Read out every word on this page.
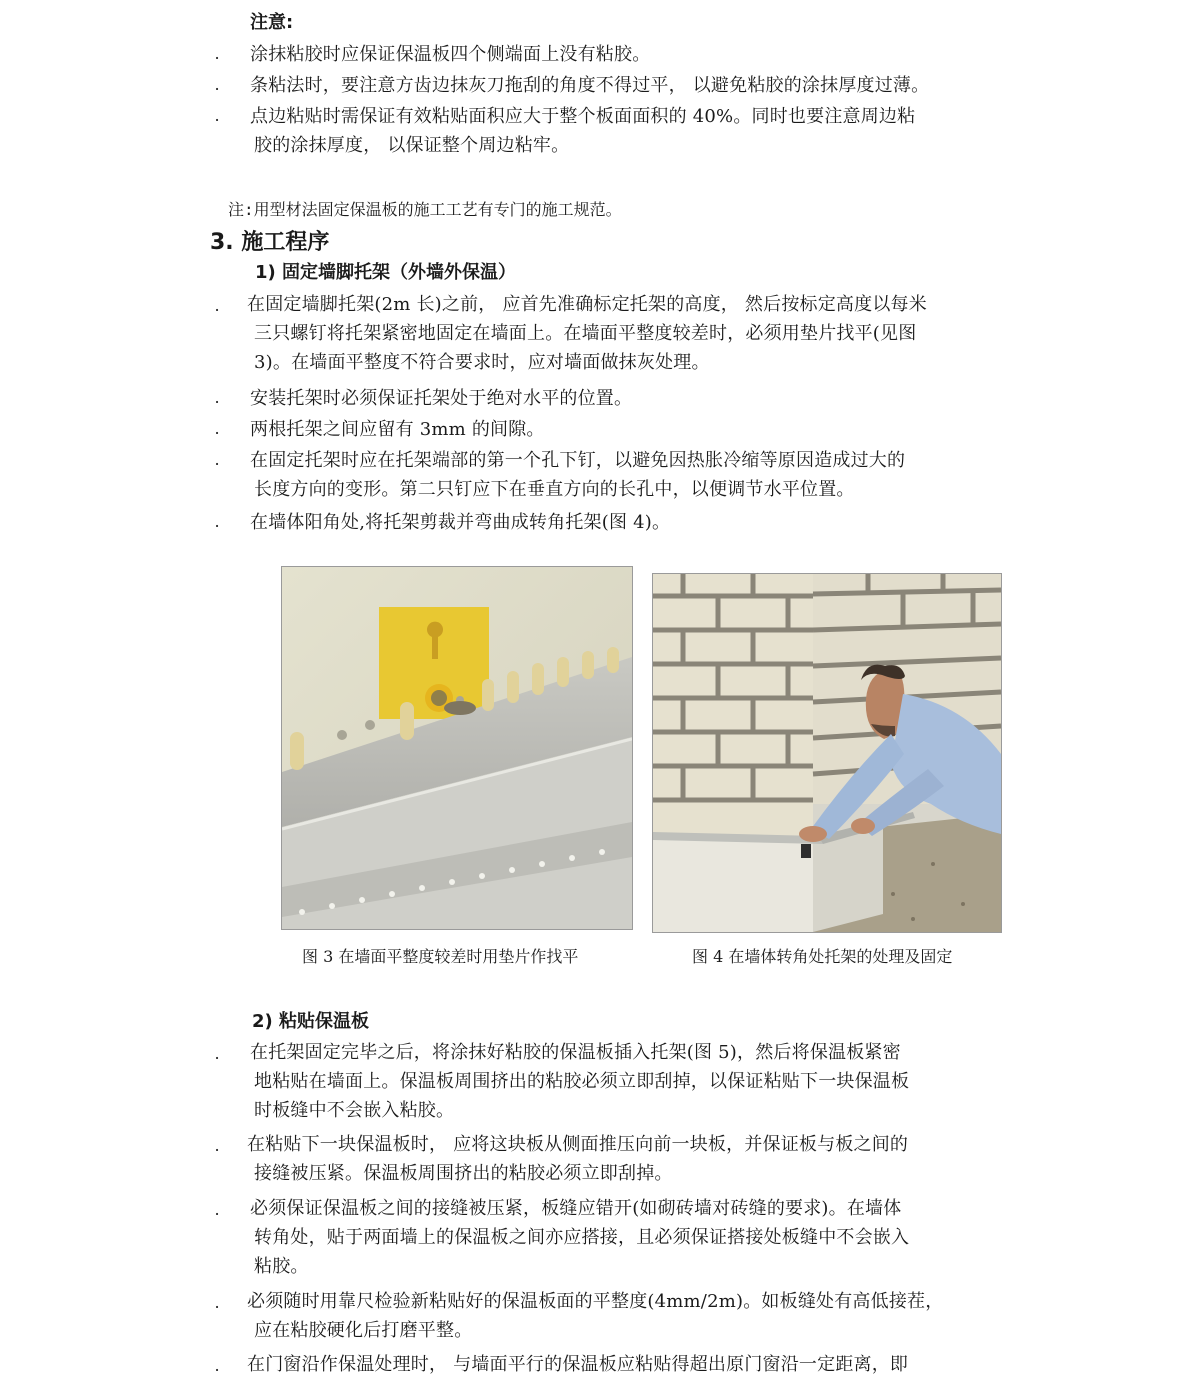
注意:
. 涂抹粘胶时应保证保温板四个侧端面上没有粘胶。
. 条粘法时，要注意方齿边抹灰刀拖刮的角度不得过平， 以避免粘胶的涂抹厚度过薄。
. 点边粘贴时需保证有效粘贴面积应大于整个板面面积的 40%。同时也要注意周边粘
胶的涂抹厚度， 以保证整个周边粘牢。
注:用型材法固定保温板的施工工艺有专门的施工规范。
3. 施工程序
1) 固定墙脚托架（外墙外保温）
. 在固定墙脚托架(2m 长)之前， 应首先准确标定托架的高度， 然后按标定高度以每米
三只螺钉将托架紧密地固定在墙面上。在墙面平整度较差时，必须用垫片找平(见图
3)。在墙面平整度不符合要求时，应对墙面做抹灰处理。
. 安装托架时必须保证托架处于绝对水平的位置。
. 两根托架之间应留有 3mm 的间隙。
. 在固定托架时应在托架端部的第一个孔下钉，以避免因热胀冷缩等原因造成过大的
长度方向的变形。第二只钉应下在垂直方向的长孔中，以便调节水平位置。
. 在墙体阳角处,将托架剪裁并弯曲成转角托架(图 4)。
图 3 在墙面平整度较差时用垫片作找平	图 4 在墙体转角处托架的处理及固定
2) 粘贴保温板
. 在托架固定完毕之后，将涂抹好粘胶的保温板插入托架(图 5)，然后将保温板紧密
地粘贴在墙面上。保温板周围挤出的粘胶必须立即刮掉，以保证粘贴下一块保温板
时板缝中不会嵌入粘胶。
. 在粘贴下一块保温板时， 应将这块板从侧面推压向前一块板，并保证板与板之间的
接缝被压紧。保温板周围挤出的粘胶必须立即刮掉。
. 必须保证保温板之间的接缝被压紧，板缝应错开(如砌砖墙对砖缝的要求)。在墙体
转角处，贴于两面墙上的保温板之间亦应搭接，且必须保证搭接处板缝中不会嵌入
粘胶。
. 必须随时用靠尺检验新粘贴好的保温板面的平整度(4mm/2m)。如板缝处有高低接茬，
应在粘胶硬化后打磨平整。
. 在门窗沿作保温处理时， 与墙面平行的保温板应粘贴得超出原门窗沿一定距离，即
